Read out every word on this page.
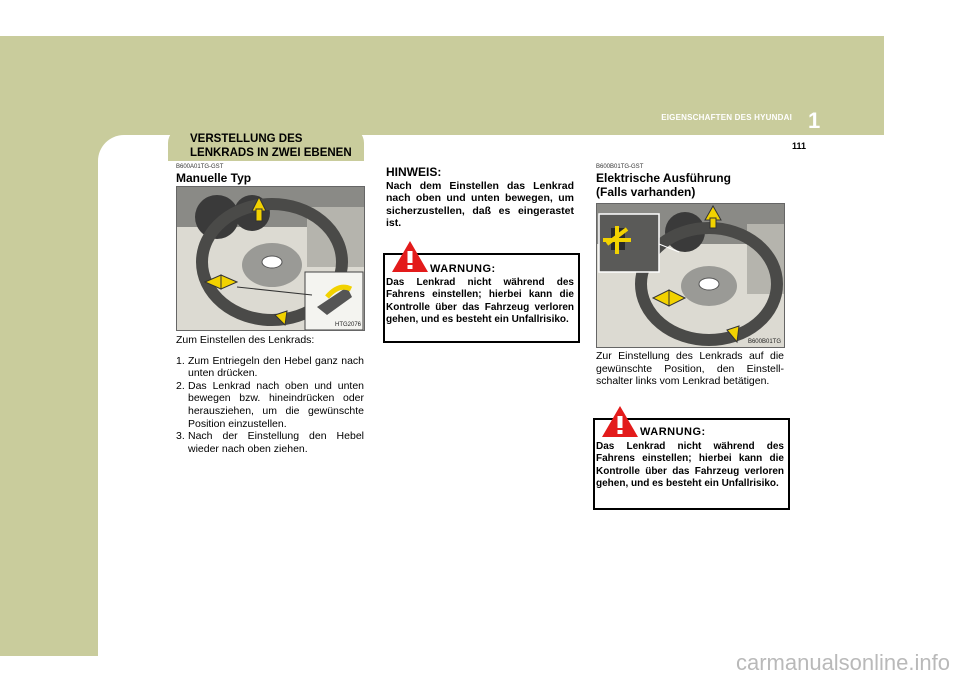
1
EIGENSCHAFTEN DES HYUNDAI
111
VERSTELLUNG DES
LENKRADS IN ZWEI EBENEN
B600A01TG-GST
Manuelle Typ
HTG2076
Zum Einstellen des Lenkrads:
1. Zum Entriegeln den Hebel ganz nach unten drücken.
2. Das Lenkrad nach oben und unten bewegen bzw. hineindrücken oder herausziehen, um die gewünschte Position einzustellen.
3. Nach der Einstellung den Hebel wieder nach oben ziehen.
HINWEIS:
Nach dem Einstellen das Lenkrad nach oben und unten bewegen, um sicherzustellen, daß es eingerastet ist.
WARNUNG:
Das Lenkrad nicht während des Fahrens einstellen; hierbei kann die Kontrolle über das Fahrzeug verloren gehen, und es besteht ein Unfallrisiko.
B600B01TG-GST
Elektrische Ausführung
(Falls varhanden)
B600B01TG
Zur Einstellung des Lenkrads auf die gewünschte Position, den Einstell-schalter links vom Lenkrad betätigen.
WARNUNG:
Das Lenkrad nicht während des Fahrens einstellen; hierbei kann die Kontrolle über das Fahrzeug verloren gehen, und es besteht ein Unfallrisiko.
carmanualsonline.info
